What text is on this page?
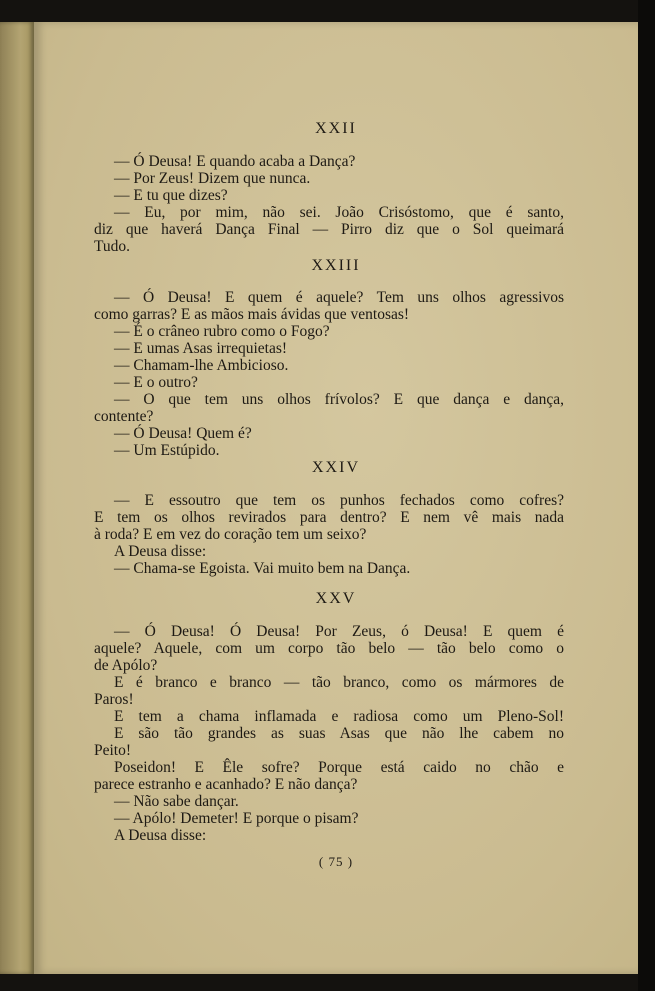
XXII
— Ó Deusa! E quando acaba a Dança?
— Por Zeus! Dizem que nunca.
— E tu que dizes?
— Eu, por mim, não sei. João Crisóstomo, que é santo,
diz que haverá Dança Final — Pirro diz que o Sol queimará
Tudo.
XXIII
— Ó Deusa! E quem é aquele? Tem uns olhos agressivos
como garras? E as mãos mais ávidas que ventosas!
— É o crâneo rubro como o Fogo?
— E umas Asas irrequietas!
— Chamam-lhe Ambicioso.
— E o outro?
— O que tem uns olhos frívolos? E que dança e dança,
contente?
— Ó Deusa! Quem é?
— Um Estúpido.
XXIV
— E essoutro que tem os punhos fechados como cofres?
E tem os olhos revirados para dentro? E nem vê mais nada
à roda? E em vez do coração tem um seixo?
A Deusa disse:
— Chama-se Egoista. Vai muito bem na Dança.
XXV
— Ó Deusa! Ó Deusa! Por Zeus, ó Deusa! E quem é
aquele? Aquele, com um corpo tão belo — tão belo como o
de Apólo?
E é branco e branco — tão branco, como os mármores de
Paros!
E tem a chama inflamada e radiosa como um Pleno-Sol!
E são tão grandes as suas Asas que não lhe cabem no
Peito!
Poseidon! E Êle sofre? Porque está caido no chão e
parece estranho e acanhado? E não dança?
— Não sabe dançar.
— Apólo! Demeter! E porque o pisam?
A Deusa disse:
( 75 )
